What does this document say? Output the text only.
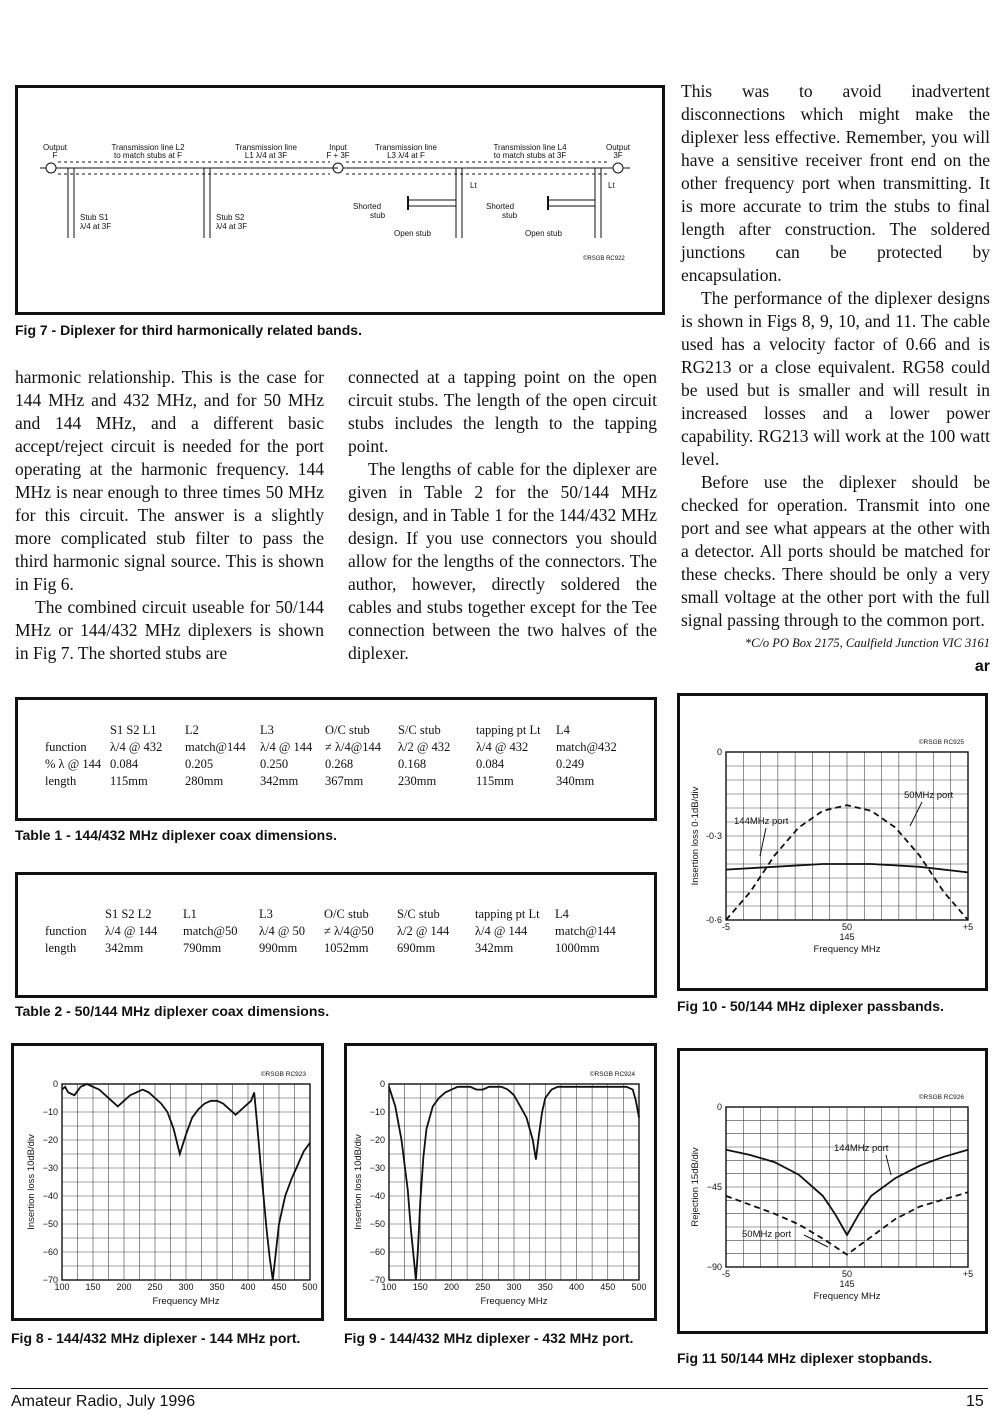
Output
F
Transmission line L2
to match stubs at F
Transmission line
L1 λ/4 at 3F
Input
F + 3F
Transmission line
L3 λ/4 at F
Transmission line L4
to match stubs at 3F
Output
3F
Stub S1
λ/4 at 3F
Stub S2
λ/4 at 3F
Shorted
stub
Open stub
Lt
Shorted
stub
Open stub
Lt
©RSGB RC922
Fig 7 - Diplexer for third harmonically related bands.

harmonic relationship. This is the case for 144 MHz and 432 MHz, and for 50 MHz and 144 MHz, and a different basic accept/reject circuit is needed for the port operating at the harmonic frequency. 144 MHz is near enough to three times 50 MHz for this circuit. The answer is a slightly more complicated stub filter to pass the third harmonic signal source. This is shown in Fig 6.

The combined circuit useable for 50/144 MHz or 144/432 MHz diplexers is shown in Fig 7. The shorted stubs are

connected at a tapping point on the open circuit stubs. The length of the open circuit stubs includes the length to the tapping point.

The lengths of cable for the diplexer are given in Table 2 for the 50/144 MHz design, and in Table 1 for the 144/432 MHz design. If you use connectors you should allow for the lengths of the connectors. The author, however, directly soldered the cables and stubs together except for the Tee connection between the two halves of the diplexer.

This was to avoid inadvertent disconnections which might make the diplexer less effective. Remember, you will have a sensitive receiver front end on the other frequency port when transmitting. It is more accurate to trim the stubs to final length after construction. The soldered junctions can be protected by encapsulation.

The performance of the diplexer designs is shown in Figs 8, 9, 10, and 11. The cable used has a velocity factor of 0.66 and is RG213 or a close equivalent. RG58 could be used but is smaller and will result in increased losses and a lower power capability. RG213 will work at the 100 watt level.

Before use the diplexer should be checked for operation. Transmit into one port and see what appears at the other with a detector. All ports should be matched for these checks. There should be only a very small voltage at the other port with the full signal passing through to the common port.

*C/o PO Box 2175, Caulfield Junction VIC 3161

ar
	S1 S2 L1	L2	L3	O/C stub	S/C stub	tapping pt Lt	L4
function	λ/4 @ 432	match@144	λ/4 @ 144	≠ λ/4@144	λ/2 @ 432	λ/4 @ 432	match@432
% λ @ 144	0.084	0.205	0.250	0.268	0.168	0.084	0.249
length	115mm	280mm	342mm	367mm	230mm	115mm	340mm
Table 1 - 144/432 MHz diplexer coax dimensions.
	S1 S2 L2	L1	L3	O/C stub	S/C stub	tapping pt Lt	L4
function	λ/4 @ 144	match@50	λ/4 @ 50	≠ λ/4@50	λ/2 @ 144	λ/4 @ 144	match@144
length	342mm	790mm	990mm	1052mm	690mm	342mm	1000mm
Table 2 - 50/144 MHz diplexer coax dimensions.
0
-0·3
-0·6
-5	50	+5
145
Frequency MHz
Insertion loss 0·1dB/div
©RSGB RC925
50MHz port
144MHz port
Fig 10 - 50/144 MHz diplexer passbands.
0
−45
−90
-5	50	+5
145
Frequency MHz
Rejection 15dB/div
©RSGB RC926
144MHz port
50MHz port
Fig 11 50/144 MHz diplexer stopbands.
0
−10
−20
−30
−40
−50
−60
−70
100 150 200 250 300 350 400 450 500
Frequency MHz
Insertion loss 10dB/div
©RSGB RC923
Fig 8 - 144/432 MHz diplexer - 144 MHz port.
0
−10
−20
−30
−40
−50
−60
−70
100 150 200 250 300 350 400 450 500
Frequency MHz
Insertion loss 10dB/div
©RSGB RC924
Fig 9 - 144/432 MHz diplexer - 432 MHz port.
Amateur Radio, July 1996	15
